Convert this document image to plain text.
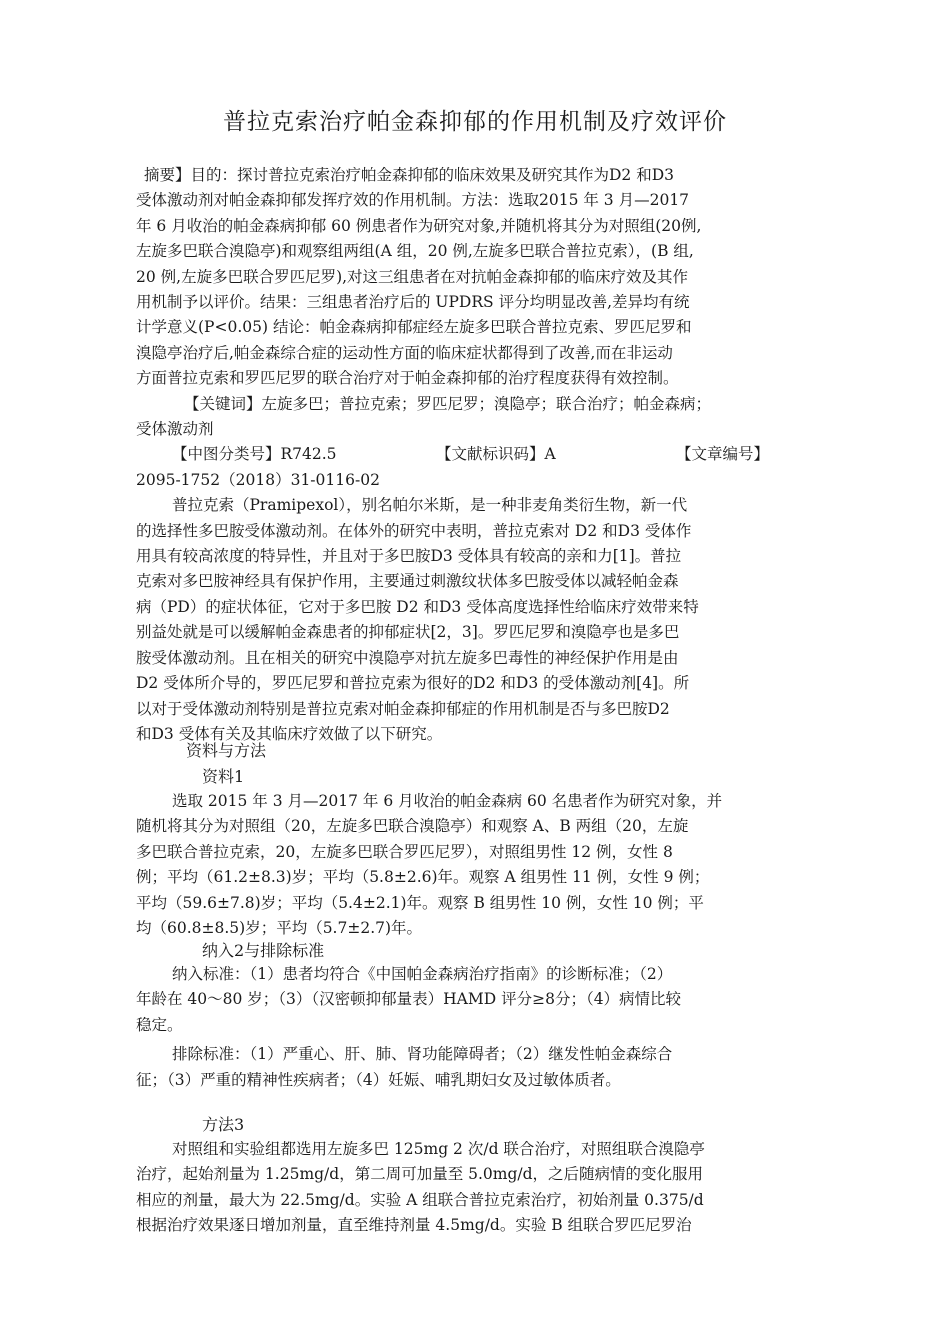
普拉克索治疗帕金森抑郁的作用机制及疗效评价
摘要】目的：探讨普拉克索治疗帕金森抑郁的临床效果及研究其作为D2 和D3
受体激动剂对帕金森抑郁发挥疗效的作用机制。方法：选取2015 年 3 月—2017
年 6 月收治的帕金森病抑郁 60 例患者作为研究对象,并随机将其分为对照组(20例,
左旋多巴联合溴隐亭)和观察组两组(A 组，20 例,左旋多巴联合普拉克索），(B 组,
20 例,左旋多巴联合罗匹尼罗),对这三组患者在对抗帕金森抑郁的临床疗效及其作
用机制予以评价。结果：三组患者治疗后的 UPDRS 评分均明显改善,差异均有统
计学意义(P<0.05) 结论：帕金森病抑郁症经左旋多巴联合普拉克索、罗匹尼罗和
溴隐亭治疗后,帕金森综合症的运动性方面的临床症状都得到了改善,而在非运动
方面普拉克索和罗匹尼罗的联合治疗对于帕金森抑郁的治疗程度获得有效控制。
【关键词】左旋多巴；普拉克索；罗匹尼罗；溴隐亭；联合治疗；帕金森病；
受体激动剂
【中图分类号】R742.5	【文献标识码】A	【文章编号】
2095-1752（2018）31-0116-02
普拉克索（Pramipexol），别名帕尔米斯，是一种非麦角类衍生物，新一代
的选择性多巴胺受体激动剂。在体外的研究中表明，普拉克索对 D2 和D3 受体作
用具有较高浓度的特异性，并且对于多巴胺D3 受体具有较高的亲和力[1]。普拉
克索对多巴胺神经具有保护作用，主要通过刺激纹状体多巴胺受体以减轻帕金森
病（PD）的症状体征，它对于多巴胺 D2 和D3 受体高度选择性给临床疗效带来特
别益处就是可以缓解帕金森患者的抑郁症状[2，3]。罗匹尼罗和溴隐亭也是多巴
胺受体激动剂。且在相关的研究中溴隐亭对抗左旋多巴毒性的神经保护作用是由
D2 受体所介导的，罗匹尼罗和普拉克索为很好的D2 和D3 的受体激动剂[4]。所
以对于受体激动剂特别是普拉克索对帕金森抑郁症的作用机制是否与多巴胺D2
和D3 受体有关及其临床疗效做了以下研究。
资料与方法
资料1
选取 2015 年 3 月—2017 年 6 月收治的帕金森病 60 名患者作为研究对象，并
随机将其分为对照组（20，左旋多巴联合溴隐亭）和观察 A、B 两组（20，左旋
多巴联合普拉克索，20，左旋多巴联合罗匹尼罗），对照组男性 12 例，女性 8
例；平均（61.2±8.3)岁；平均（5.8±2.6)年。观察 A 组男性 11 例，女性 9 例；
平均（59.6±7.8)岁；平均（5.4±2.1)年。观察 B 组男性 10 例，女性 10 例；平
均（60.8±8.5)岁；平均（5.7±2.7)年。
纳入2与排除标准
纳入标准：（1）患者均符合《中国帕金森病治疗指南》的诊断标准；（2）
年龄在 40～80 岁；（3）（汉密顿抑郁量表）HAMD 评分≥8分；（4）病情比较
稳定。
排除标准：（1）严重心、肝、肺、肾功能障碍者；（2）继发性帕金森综合
征；（3）严重的精神性疾病者；（4）妊娠、哺乳期妇女及过敏体质者。
方法3
对照组和实验组都选用左旋多巴 125mg 2 次/d 联合治疗，对照组联合溴隐亭
治疗，起始剂量为 1.25mg/d，第二周可加量至 5.0mg/d，之后随病情的变化服用
相应的剂量，最大为 22.5mg/d。实验 A 组联合普拉克索治疗，初始剂量 0.375/d
根据治疗效果逐日增加剂量，直至维持剂量 4.5mg/d。实验 B 组联合罗匹尼罗治
